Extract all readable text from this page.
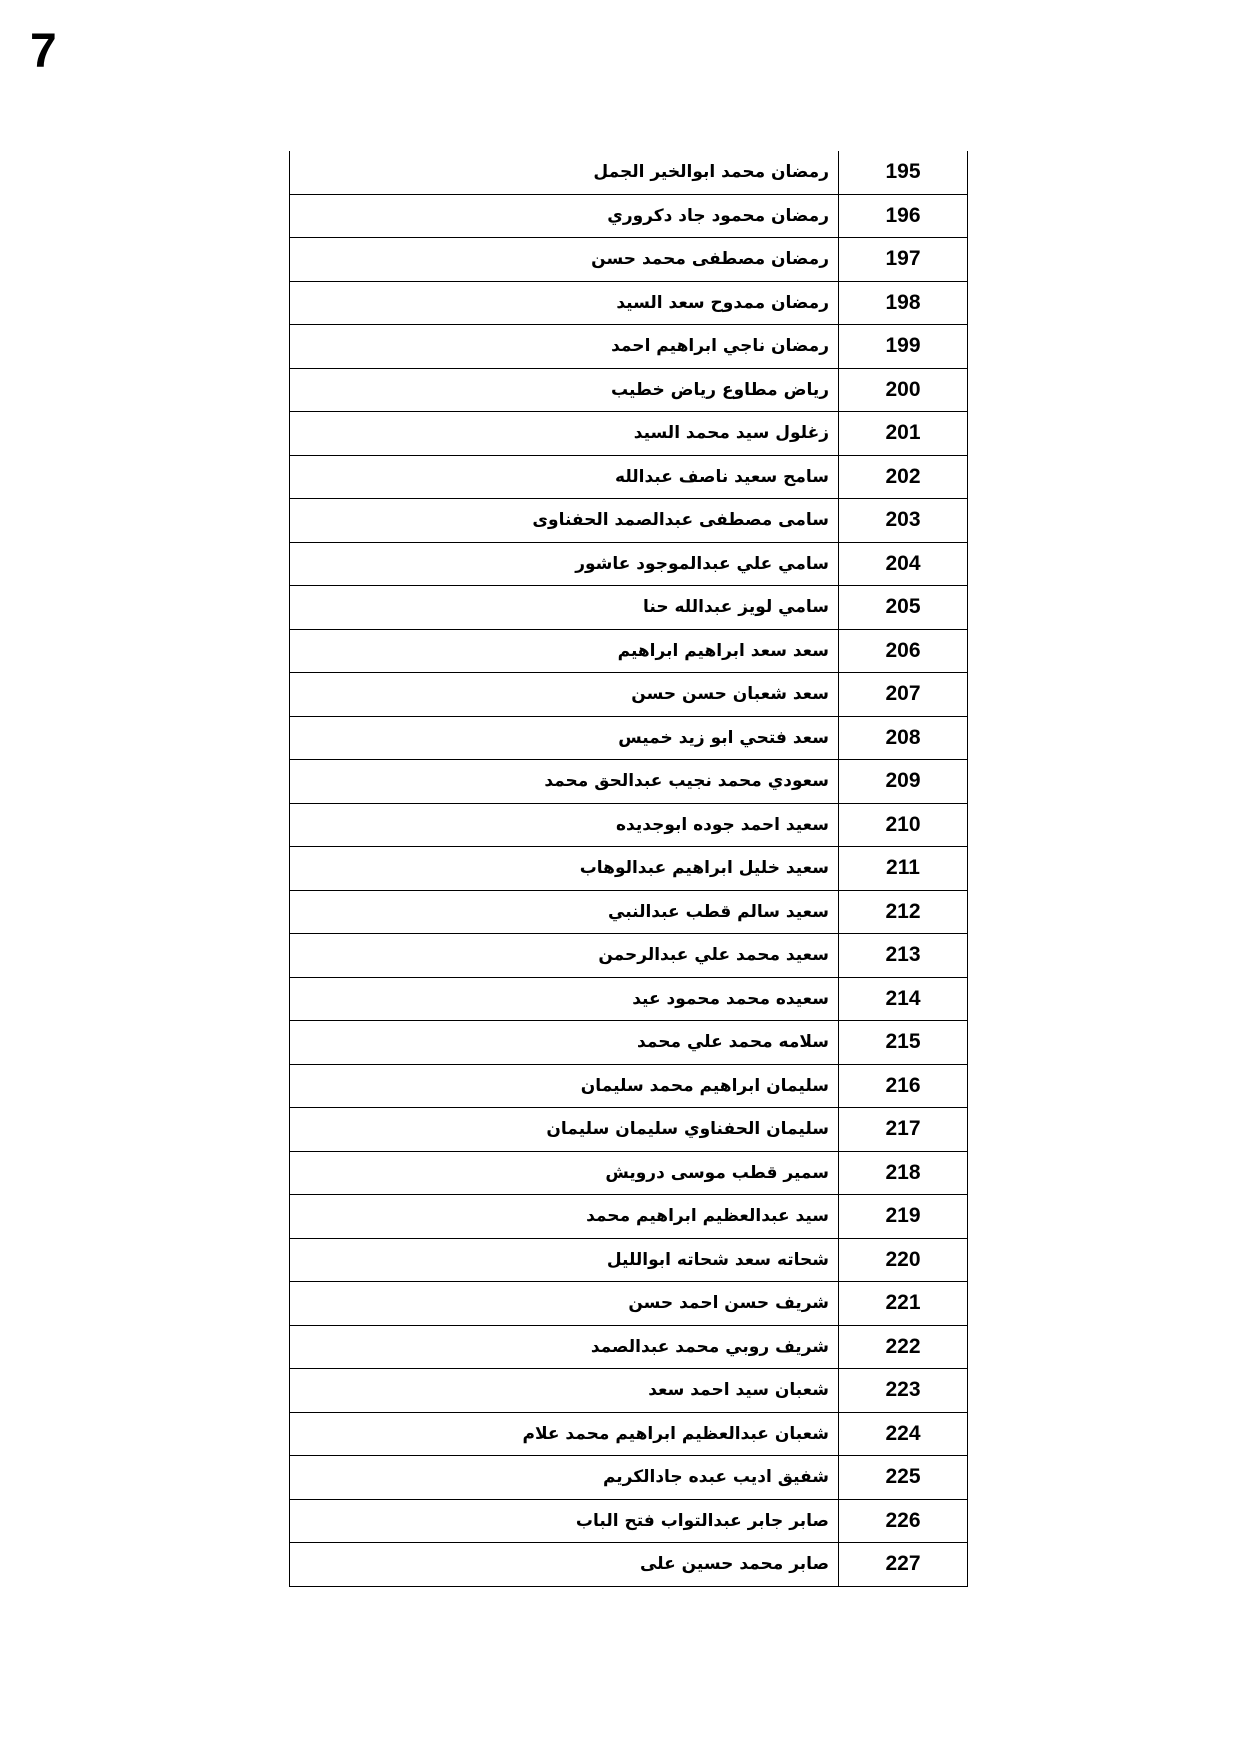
7
رمضان محمد ابوالخير الجمل	195
رمضان محمود جاد دكروري	196
رمضان مصطفى محمد حسن	197
رمضان ممدوح سعد السيد	198
رمضان ناجي ابراهيم احمد	199
رياض مطاوع رياض خطيب	200
زغلول سيد محمد السيد	201
سامح سعيد ناصف عبدالله	202
سامى مصطفى عبدالصمد الحفناوى	203
سامي علي عبدالموجود عاشور	204
سامي لويز عبدالله حنا	205
سعد سعد ابراهيم ابراهيم	206
سعد شعبان حسن حسن	207
سعد فتحي ابو زيد خميس	208
سعودي محمد نجيب عبدالحق محمد	209
سعيد احمد جوده ابوجديده	210
سعيد خليل ابراهيم عبدالوهاب	211
سعيد سالم قطب عبدالنبي	212
سعيد محمد علي عبدالرحمن	213
سعيده محمد محمود عيد	214
سلامه محمد علي محمد	215
سليمان ابراهيم محمد سليمان	216
سليمان الحفناوي سليمان سليمان	217
سمير قطب موسى درويش	218
سيد عبدالعظيم ابراهيم محمد	219
شحاته سعد شحاته ابوالليل	220
شريف حسن احمد حسن	221
شريف روبي محمد عبدالصمد	222
شعبان سيد احمد سعد	223
شعبان عبدالعظيم ابراهيم محمد علام	224
شفيق اديب عبده جادالكريم	225
صابر جابر عبدالتواب فتح الباب	226
صابر محمد حسين على	227
